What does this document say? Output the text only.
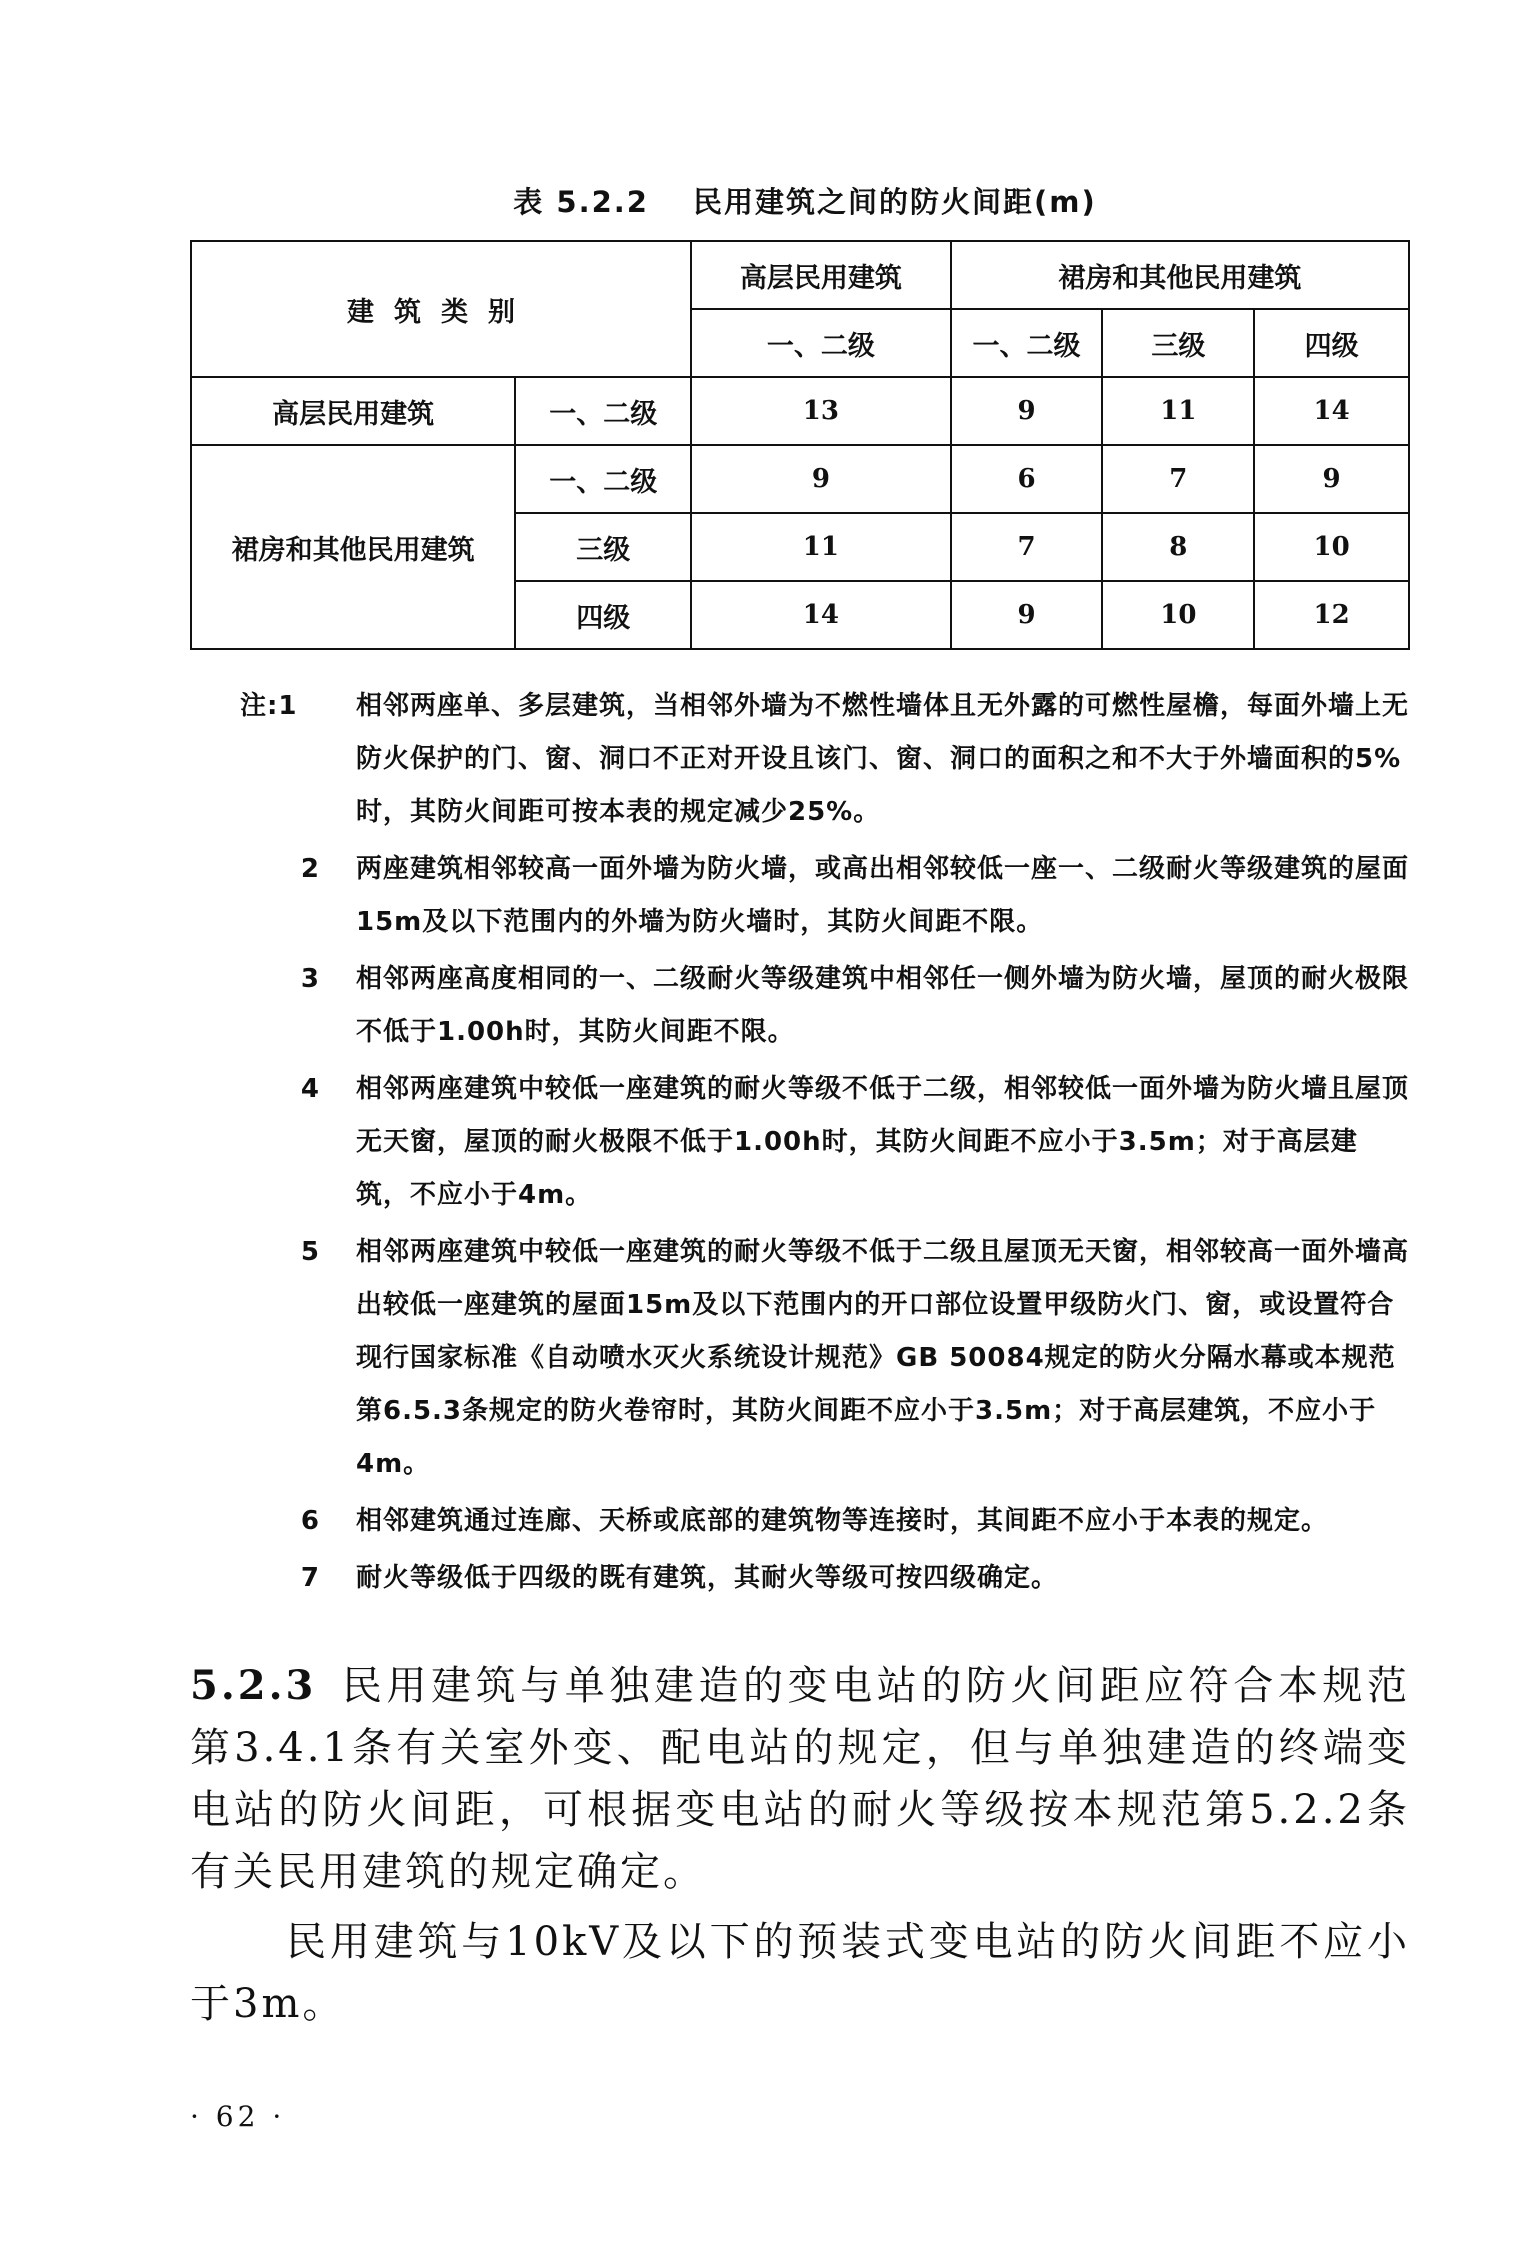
表 5.2.2 民用建筑之间的防火间距(m)
建筑类别		高层民用建筑	裙房和其他民用建筑		
		一、二级	一、二级	三级	四级
高层民用建筑	一、二级	13	9	11	14
裙房和其他民用建筑	一、二级	9	6	7	9
	三级	11	7	8	10
	四级	14	9	10	12
注:1	相邻两座单、多层建筑，当相邻外墙为不燃性墙体且无外露的可燃性屋檐，每面外墙上无防火保护的门、窗、洞口不正对开设且该门、窗、洞口的面积之和不大于外墙面积的5%时，其防火间距可按本表的规定减少25%。
2 两座建筑相邻较高一面外墙为防火墙，或高出相邻较低一座一、二级耐火等级建筑的屋面15m及以下范围内的外墙为防火墙时，其防火间距不限。
3 相邻两座高度相同的一、二级耐火等级建筑中相邻任一侧外墙为防火墙，屋顶的耐火极限不低于1.00h时，其防火间距不限。
4 相邻两座建筑中较低一座建筑的耐火等级不低于二级，相邻较低一面外墙为防火墙且屋顶无天窗，屋顶的耐火极限不低于1.00h时，其防火间距不应小于3.5m；对于高层建筑，不应小于4m。
5 相邻两座建筑中较低一座建筑的耐火等级不低于二级且屋顶无天窗，相邻较高一面外墙高出较低一座建筑的屋面15m及以下范围内的开口部位设置甲级防火门、窗，或设置符合现行国家标准《自动喷水灭火系统设计规范》GB 50084规定的防火分隔水幕或本规范第6.5.3条规定的防火卷帘时，其防火间距不应小于3.5m；对于高层建筑，不应小于4m。
6 相邻建筑通过连廊、天桥或底部的建筑物等连接时，其间距不应小于本表的规定。
7 耐火等级低于四级的既有建筑，其耐火等级可按四级确定。

5.2.3 民用建筑与单独建造的变电站的防火间距应符合本规范第3.4.1条有关室外变、配电站的规定，但与单独建造的终端变电站的防火间距，可根据变电站的耐火等级按本规范第5.2.2条有关民用建筑的规定确定。

民用建筑与10kV及以下的预装式变电站的防火间距不应小于3m。

· 62 ·
